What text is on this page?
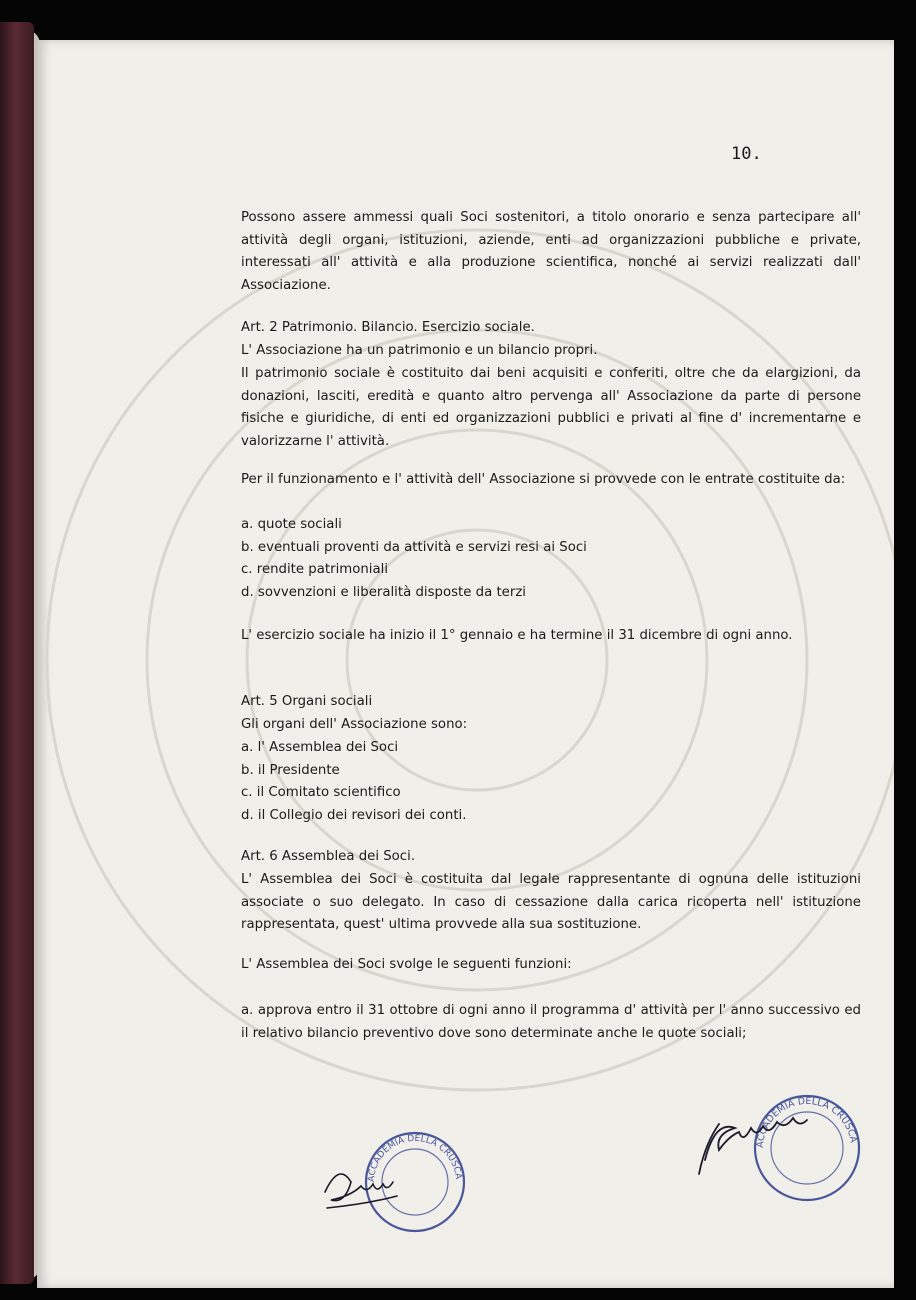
10.

Possono assere ammessi quali Soci sostenitori, a titolo onorario e senza partecipare all' attività degli organi, istituzioni, aziende, enti ad organizzazioni pubbliche e private, interessati all' attività e alla produzione scientifica, nonché ai servizi realizzati dall' Associazione.

Art. 2 Patrimonio. Bilancio. Esercizio sociale.
L' Associazione ha un patrimonio e un bilancio propri.

Il patrimonio sociale è costituito dai beni acquisiti e conferiti, oltre che da elargizioni, da donazioni, lasciti, eredità e quanto altro pervenga all' Associazione da parte di persone fisiche e giuridiche, di enti ed organizzazioni pubblici e privati al fine d' incrementarne e valorizzarne l' attività.

Per il funzionamento e l' attività dell' Associazione si provvede con le entrate costituite da:

a. quote sociali
b. eventuali proventi da attività e servizi resi ai Soci
c. rendite patrimoniali
d. sovvenzioni e liberalità disposte da terzi

L' esercizio sociale ha inizio il 1° gennaio e ha termine il 31 dicembre di ogni anno.

Art. 5 Organi sociali
Gli organi dell' Associazione sono:
a. l' Assemblea dei Soci
b. il Presidente
c. il Comitato scientifico
d. il Collegio dei revisori dei conti.
Art. 6 Assemblea dei Soci.

L' Assemblea dei Soci è costituita dal legale rappresentante di ognuna delle istituzioni associate o suo delegato. In caso di cessazione dalla carica ricoperta nell' istituzione rappresentata, quest' ultima provvede alla sua sostituzione.

L' Assemblea dei Soci svolge le seguenti funzioni:

a. approva entro il 31 ottobre di ogni anno il programma d' attività per l' anno successivo ed il relativo bilancio preventivo dove sono determinate anche le quote sociali;

ACCADEMIA DELLA CRUSCA
ACCADEMIA DELLA CRUSCA
